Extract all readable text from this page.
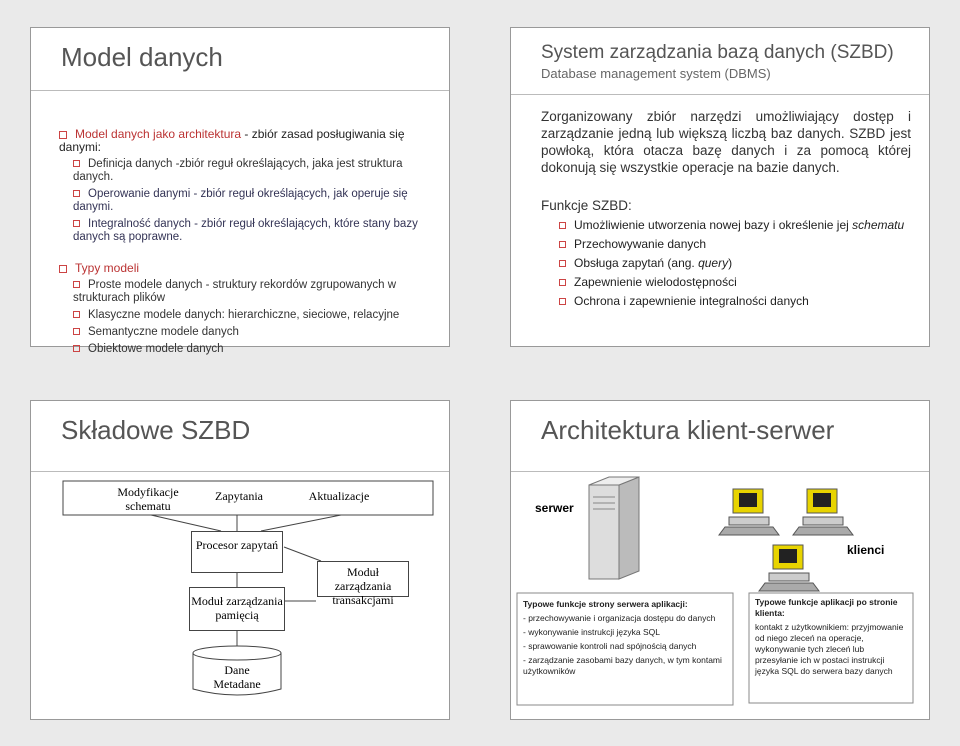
Model danych
Model danych jako architektura - zbiór zasad posługiwania się danymi:
Definicja danych -zbiór reguł określających, jaka jest struktura danych.
Operowanie danymi - zbiór reguł określających, jak operuje się danymi.
Integralność danych - zbiór reguł określających, które stany bazy danych są poprawne.
Typy modeli
Proste modele danych - struktury rekordów zgrupowanych w strukturach plików
Klasyczne modele danych: hierarchiczne, sieciowe, relacyjne
Semantyczne modele danych
Obiektowe modele danych
System zarządzania bazą danych (SZBD)
Database management system (DBMS)
Zorganizowany zbiór narzędzi umożliwiający dostęp i zarządzanie jedną lub większą liczbą baz danych. SZBD jest powłoką, która otacza bazę danych i za pomocą której dokonują się wszystkie operacje na bazie danych.
Funkcje SZBD:
Umożliwienie utworzenia nowej bazy i określenie jej schematu
Przechowywanie danych
Obsługa zapytań (ang. query)
Zapewnienie wielodostępności
Ochrona i zapewnienie integralności danych
Składowe SZBD
Modyfikacje schematu
Zapytania	Aktualizacje
Procesor zapytań
Moduł zarządzania transakcjami
Moduł zarządzania pamięcią
Dane
Metadane
Architektura klient-serwer
serwer
klienci
Typowe funkcje strony serwera aplikacji:
- przechowywanie i organizacja dostępu do danych
- wykonywanie instrukcji języka SQL
- sprawowanie kontroli nad spójnością danych
- zarządzanie zasobami bazy danych, w tym kontami użytkowników
Typowe funkcje aplikacji po stronie klienta:
kontakt z użytkownikiem: przyjmowanie od niego zleceń na operacje, wykonywanie tych zleceń lub przesyłanie ich w postaci instrukcji języka SQL do serwera bazy danych
